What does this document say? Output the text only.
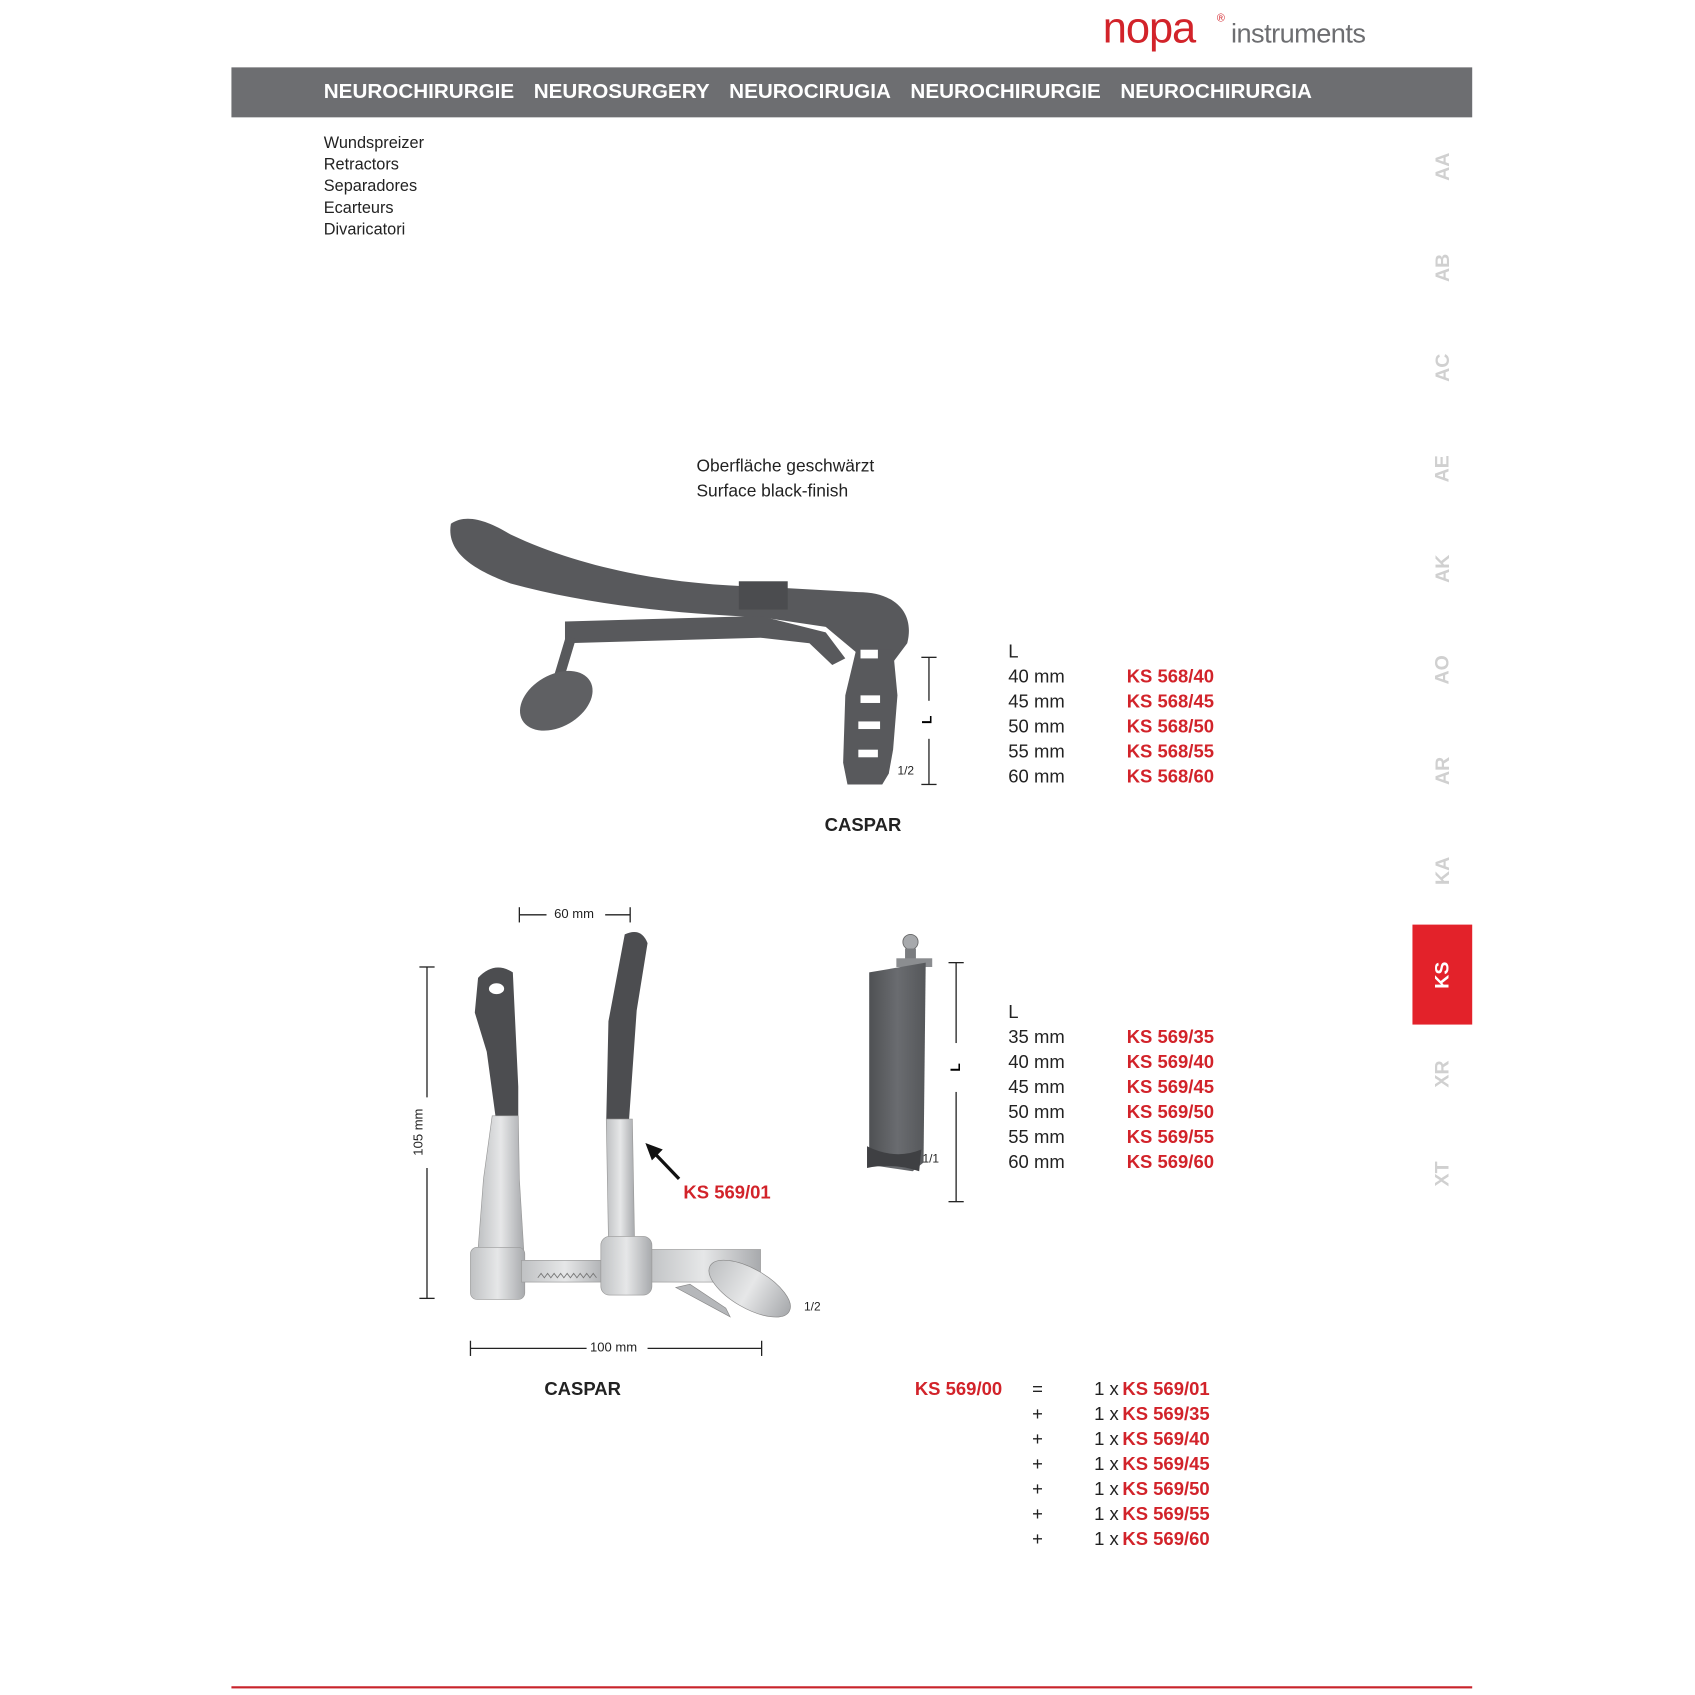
nopa ® instruments
NEUROCHIRURGIE NEUROSURGERY NEUROCIRUGIA NEUROCHIRURGIE NEUROCHIRURGIA
Wundspreizer
Retractors
Separadores
Ecarteurs
Divaricatori
AA
AB
AC
AE
AK
AO
AR
KA
KS
XR
XT
Oberfläche geschwärzt
Surface black-finish
L
1/2
CASPAR
L
40 mm	KS 568/40
45 mm	KS 568/45
50 mm	KS 568/50
55 mm	KS 568/55
60 mm	KS 568/60
60 mm
105 mm
100 mm
1/2
KS 569/01
L
1/1
CASPAR
L
35 mm	KS 569/35
40 mm	KS 569/40
45 mm	KS 569/45
50 mm	KS 569/50
55 mm	KS 569/55
60 mm	KS 569/60
KS 569/00 =	1 x KS 569/01
+	1 x KS 569/35
+	1 x KS 569/40
+	1 x KS 569/45
+	1 x KS 569/50
+	1 x KS 569/55
+	1 x KS 569/60
